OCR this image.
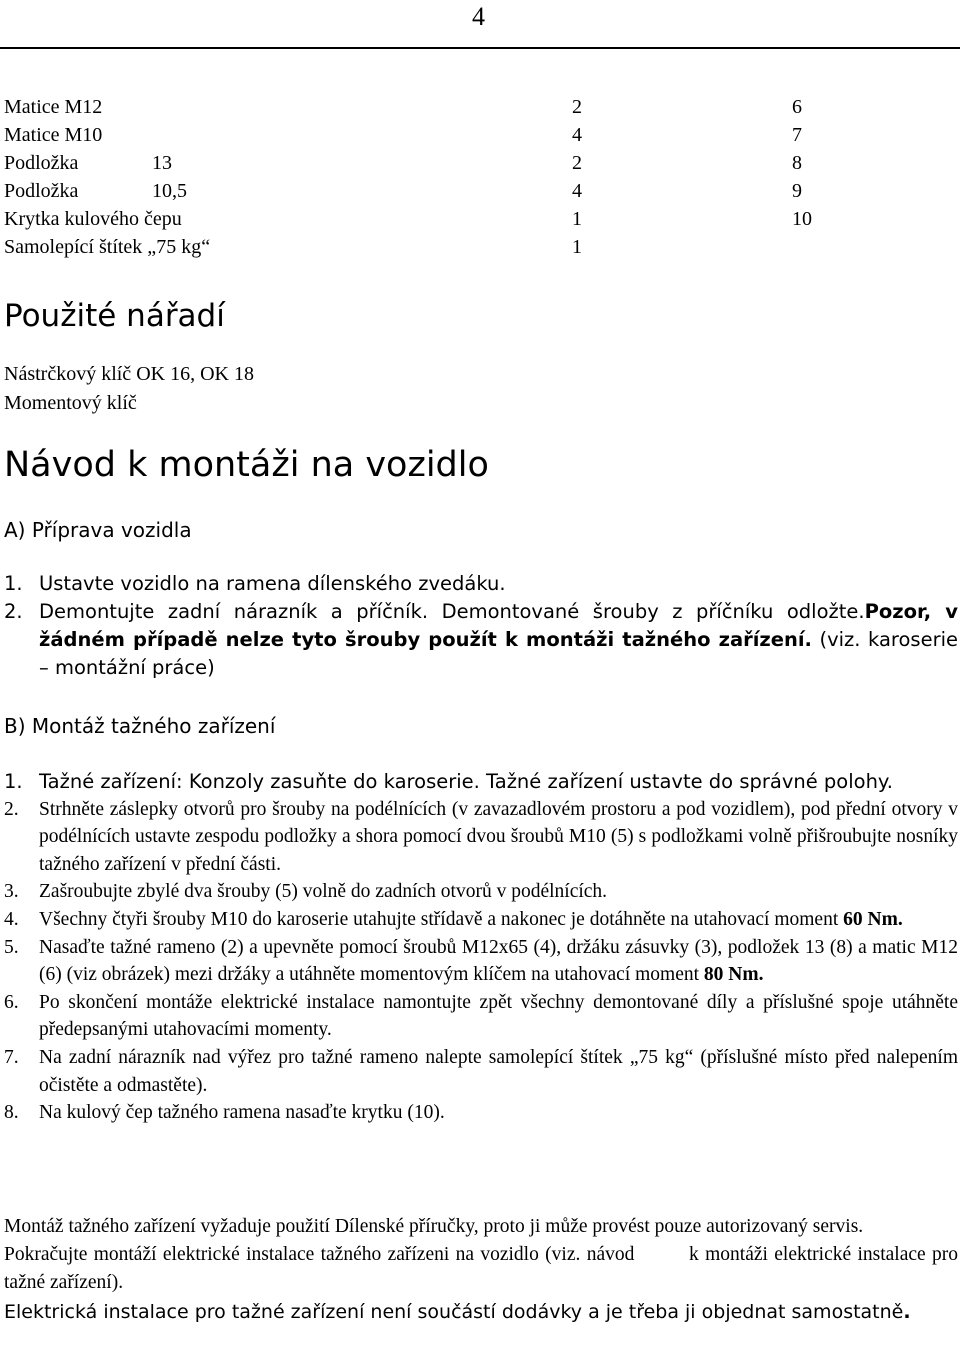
4
Matice M12	2	6
Matice M10	4	7
Podložka	13	2	8
Podložka	10,5	4	9
Krytka kulového čepu	1	10
Samolepící štítek „75 kg“	1
Použité nářadí
Nástrčkový klíč OK 16, OK 18
Momentový klíč
Návod k montáži na vozidlo
A) Příprava vozidla
1. Ustavte vozidlo na ramena dílenského zvedáku.
2. Demontujte zadní nárazník a příčník. Demontované šrouby z příčníku odložte.Pozor, v žádném případě nelze tyto šrouby použít k montáži tažného zařízení. (viz. karoserie – montážní práce)
B) Montáž tažného zařízení
1. Tažné zařízení: Konzoly zasuňte do karoserie. Tažné zařízení ustavte do správné polohy.
2. Strhněte záslepky otvorů pro šrouby na podélnících (v zavazadlovém prostoru a pod vozidlem), pod přední otvory v podélnících ustavte zespodu podložky a shora pomocí dvou šroubů M10 (5) s podložkami volně přišroubujte nosníky tažného zařízení v přední části.
3. Zašroubujte zbylé dva šrouby (5) volně do zadních otvorů v podélnících.
4. Všechny čtyři šrouby M10 do karoserie utahujte střídavě a nakonec je dotáhněte na utahovací moment 60 Nm.
5. Nasaďte tažné rameno (2) a upevněte pomocí šroubů M12x65 (4), držáku zásuvky (3), podložek 13 (8) a matic M12 (6) (viz obrázek) mezi držáky a utáhněte momentovým klíčem na utahovací moment 80 Nm.
6. Po skončení montáže elektrické instalace namontujte zpět všechny demontované díly a příslušné spoje utáhněte předepsanými utahovacími momenty.
7. Na zadní nárazník nad výřez pro tažné rameno nalepte samolepící štítek „75 kg“ (příslušné místo před nalepením očistěte a odmastěte).
8. Na kulový čep tažného ramena nasaďte krytku (10).
Montáž tažného zařízení vyžaduje použití Dílenské příručky, proto ji může provést pouze autorizovaný servis.
Pokračujte montáží elektrické instalace tažného zařízeni na vozidlo (viz. návod	k montáži elektrické instalace pro tažné zařízení).
Elektrická instalace pro tažné zařízení není součástí dodávky a je třeba ji objednat samostatně.
